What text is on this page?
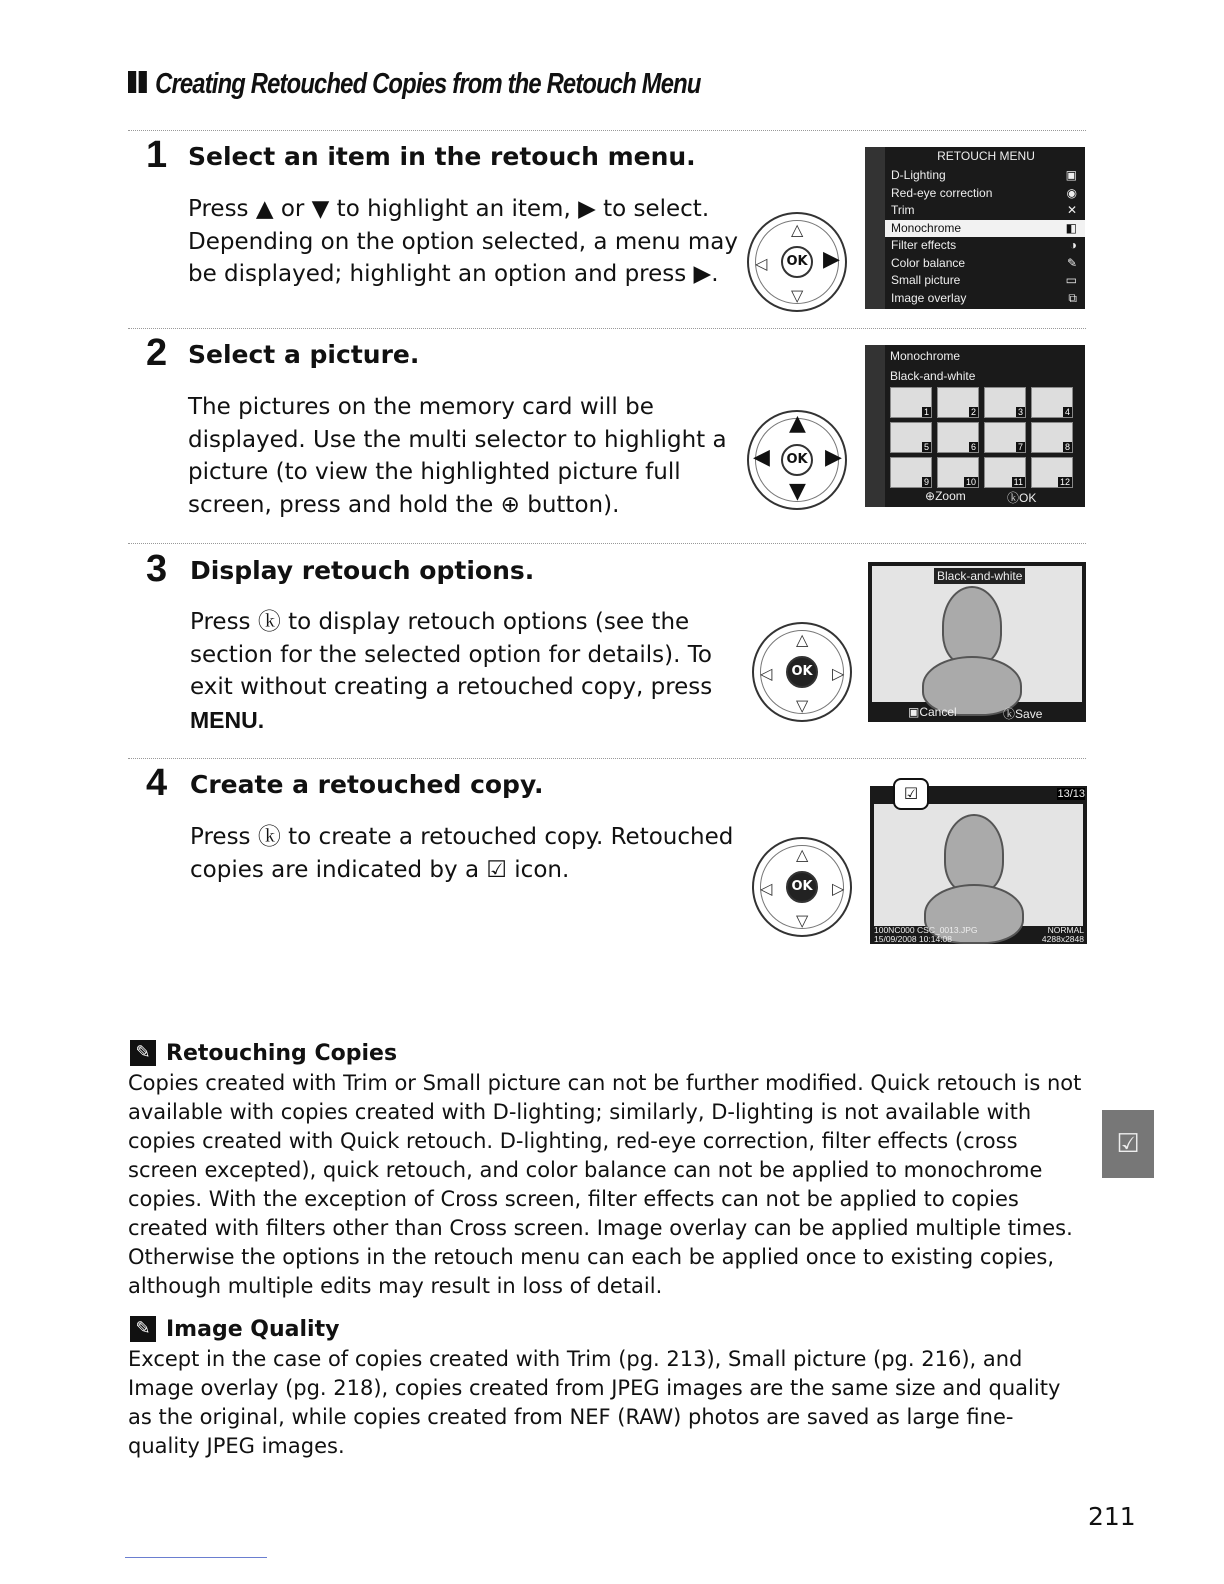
Creating Retouched Copies from the Retouch Menu
1 Select an item in the retouch menu.
Press ▲ or ▼ to highlight an item, ▶ to select. Depending on the option selected, a menu may be displayed; highlight an option and press ▶.
2 Select a picture.
The pictures on the memory card will be displayed. Use the multi selector to highlight a picture (to view the highlighted picture full screen, press and hold the ⊕ button).
3 Display retouch options.
Press ⓚ to display retouch options (see the section for the selected option for details). To exit without creating a retouched copy, press
MENU.
4 Create a retouched copy.
Press ⓚ to create a retouched copy. Retouched copies are indicated by a ☑ icon.
△
▽
◁	▶
OK
▲
▼
◀	▶
OK
△
▽
◁	▷
OK
△
▽
◁	▷
OK
RETOUCH MENU
D-Lighting	▣
Red-eye correction	◉
Trim	✕
Monochrome	◧
Filter effects	◑
Color balance	✎
Small picture	▭
Image overlay	⧉
Monochrome
Black-and-white
1	2	3	4
5	6	7	8
9	10	11	12
⊕Zoom	ⓚOK
Black-and-white
▣Cancel	ⓚSave
13/13
100NC000 CSC_0013.JPG	NORMAL

15/09/2008 10:14:08	4288x2848
☑
✎ Retouching Copies
Copies created with Trim or Small picture can not be further modified. Quick retouch is not available with copies created with D-lighting; similarly, D-lighting is not available with copies created with Quick retouch. D-lighting, red-eye correction, filter effects (cross screen excepted), quick retouch, and color balance can not be applied to monochrome copies. With the exception of Cross screen, filter effects can not be applied to copies created with filters other than Cross screen. Image overlay can be applied multiple times. Otherwise the options in the retouch menu can each be applied once to existing copies, although multiple edits may result in loss of detail.
✎ Image Quality
Except in the case of copies created with Trim (pg. 213), Small picture (pg. 216), and Image overlay (pg. 218), copies created from JPEG images are the same size and quality as the original, while copies created from NEF (RAW) photos are saved as large fine-quality JPEG images.
☑
211
